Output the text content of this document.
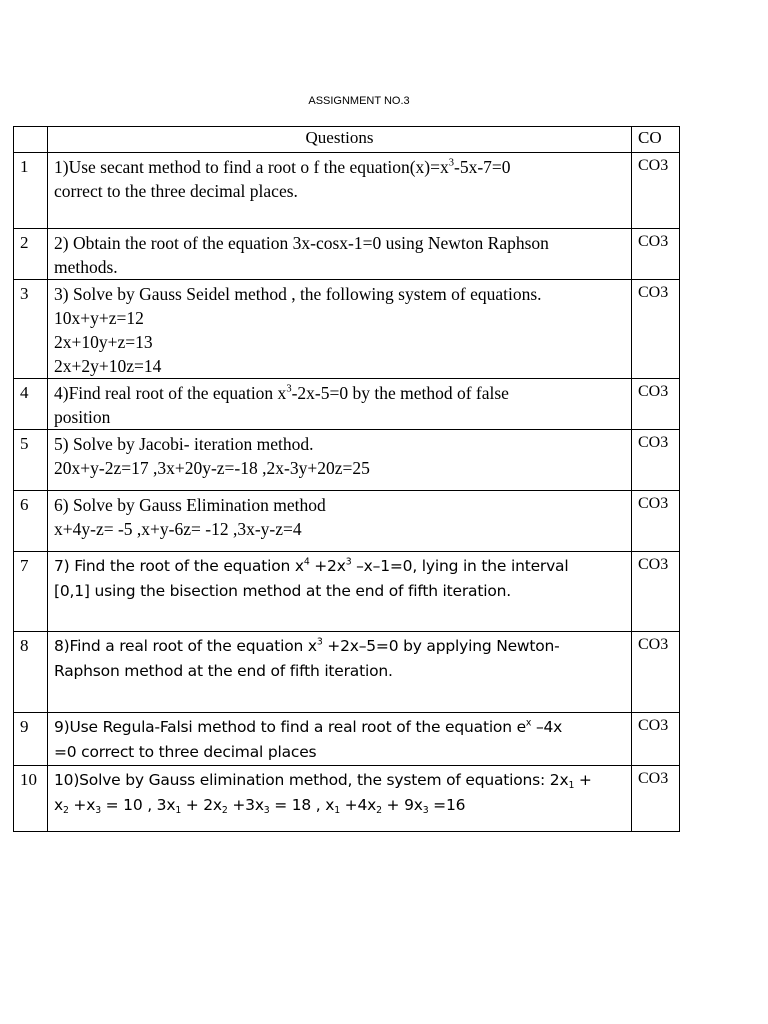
ASSIGNMENT NO.3
	Questions	CO
1	1)Use secant method to find a root o f the $equation(x)=x^3-5x-7=0$
correct to the three decimal places.	CO3
2	2) Obtain the root of the equation 3x-cosx-1=0 using Newton Raphson
methods.	CO3
3	3) Solve by Gauss Seidel method , the following system of equations.
10x+y+z=12
2x+10y+z=13
2x+2y+10z=14	CO3
4	4)Find real root of the equation $x^3-2x-5=0$ by the method of false
position	CO3
5	5) Solve by Jacobi- iteration method.
20x+y-2z=17 ,3x+20y-z=-18 ,2x-3y+20z=25	CO3
6	6) Solve by Gauss Elimination method
x+4y-z= -5 ,x+y-6z= -12 ,3x-y-z=4	CO3
7	7) Find the root of the equation $x^4 +2x^3$ –x–1=0, lying in the interval
[0,1] using the bisection method at the end of fifth iteration.	CO3
8	8)Find a real root of the equation $x^3 +2x-5=0$ by applying Newton-
Raphson method at the end of fifth iteration.	CO3
9	9)Use Regula-Falsi method to find a real root of the equation $e^x$ –4x
=0 correct to three decimal places	CO3
10	10)Solve by Gauss elimination method, the system of equations: $2x_1$ +
$x_2 +x_3 = 10$ , $3x_1 + 2x_2 +3x_3 = 18$ , $x_1 +4x_2 + 9x_3 =16$	CO3
